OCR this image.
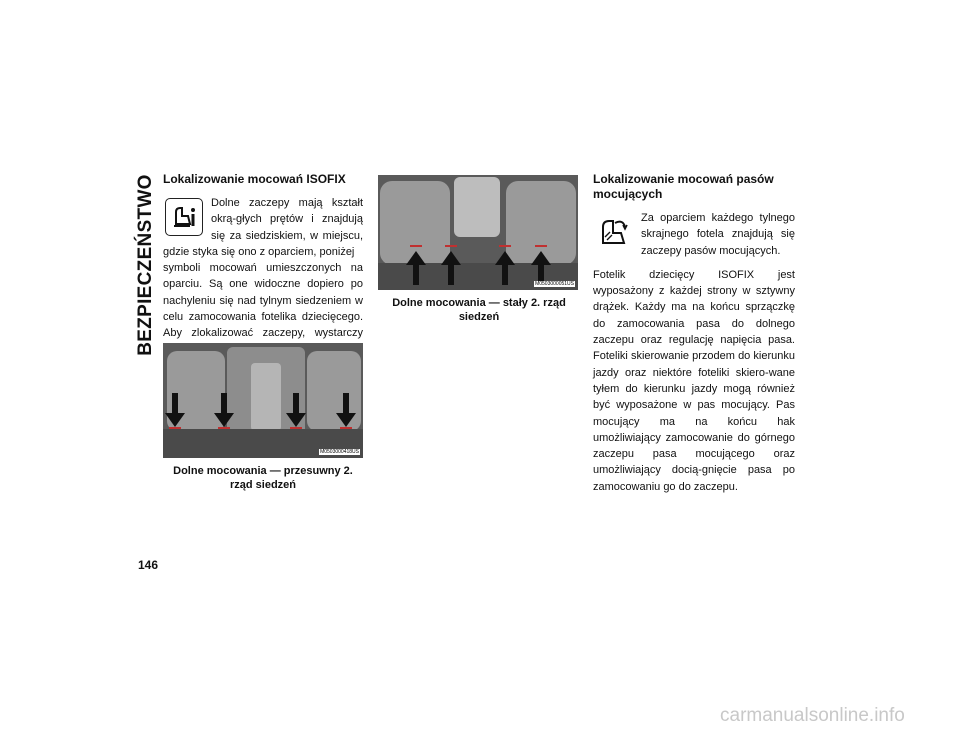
BEZPIECZEŃSTWO Lokalizowanie mocowań ISOFIX

Dolne zaczepy mają kształt okrą-głych prętów i znajdują się za siedziskiem, w miejscu, gdzie styka się ono z oparciem, poniżej

symboli mocowań umieszczonych na oparciu. Są one widoczne dopiero po nachyleniu się nad tylnym siedzeniem w celu zamocowania fotelika dziecięcego. Aby zlokalizować zaczepy, wystarczy

M0503000418US
Dolne mocowania — przesuwny 2. rząd siedzeń
M0503000051US
Dolne mocowania — stały 2. rząd siedzeń
Lokalizowanie mocowań pasów mocujących

Za oparciem każdego tylnego skrajnego fotela znajdują się zaczepy pasów mocujących.

Fotelik dziecięcy ISOFIX jest wyposażony z każdej strony w sztywny drążek. Każdy ma na końcu sprzączkę do zamocowania pasa do dolnego zaczepu oraz regulację napięcia pasa. Foteliki skierowanie przodem do kierunku jazdy oraz niektóre foteliki skiero-wane tyłem do kierunku jazdy mogą również być wyposażone w pas mocujący. Pas mocujący ma na końcu hak umożliwiający zamocowanie do górnego zaczepu pasa mocującego oraz umożliwiający docią-gnięcie pasa po zamocowaniu go do zaczepu.

146
carmanualsonline.info
